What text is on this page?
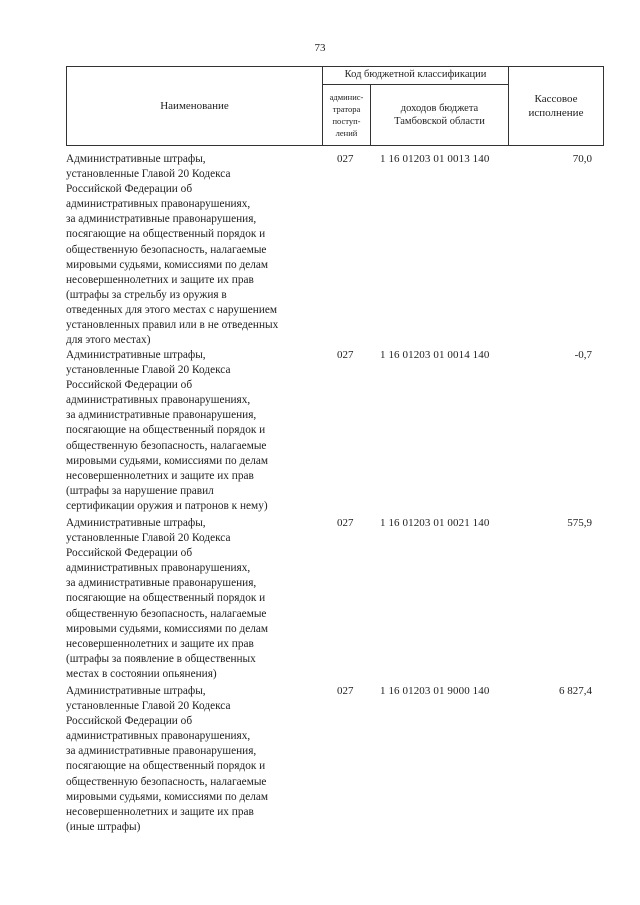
73
Наименование
Код бюджетной классификации
админис-
тратора
поступ-
лений
доходов бюджета
Тамбовской области
Кассовое
исполнение
Административные штрафы,
установленные Главой 20 Кодекса
Российской Федерации об
административных правонарушениях,
за административные правонарушения,
посягающие на общественный порядок и
общественную безопасность, налагаемые
мировыми судьями, комиссиями по делам
несовершеннолетних и защите их прав
(штрафы за стрельбу из оружия в
отведенных для этого местах с нарушением
установленных правил или в не отведенных
для этого местах)
027 1 16 01203 01 0013 140	70,0
Административные штрафы,
установленные Главой 20 Кодекса
Российской Федерации об
административных правонарушениях,
за административные правонарушения,
посягающие на общественный порядок и
общественную безопасность, налагаемые
мировыми судьями, комиссиями по делам
несовершеннолетних и защите их прав
(штрафы за нарушение правил
сертификации оружия и патронов к нему)
027 1 16 01203 01 0014 140	-0,7
Административные штрафы,
установленные Главой 20 Кодекса
Российской Федерации об
административных правонарушениях,
за административные правонарушения,
посягающие на общественный порядок и
общественную безопасность, налагаемые
мировыми судьями, комиссиями по делам
несовершеннолетних и защите их прав
(штрафы за появление в общественных
местах в состоянии опьянения)
027 1 16 01203 01 0021 140	575,9
Административные штрафы,
установленные Главой 20 Кодекса
Российской Федерации об
административных правонарушениях,
за административные правонарушения,
посягающие на общественный порядок и
общественную безопасность, налагаемые
мировыми судьями, комиссиями по делам
несовершеннолетних и защите их прав
(иные штрафы)
027 1 16 01203 01 9000 140	6 827,4
